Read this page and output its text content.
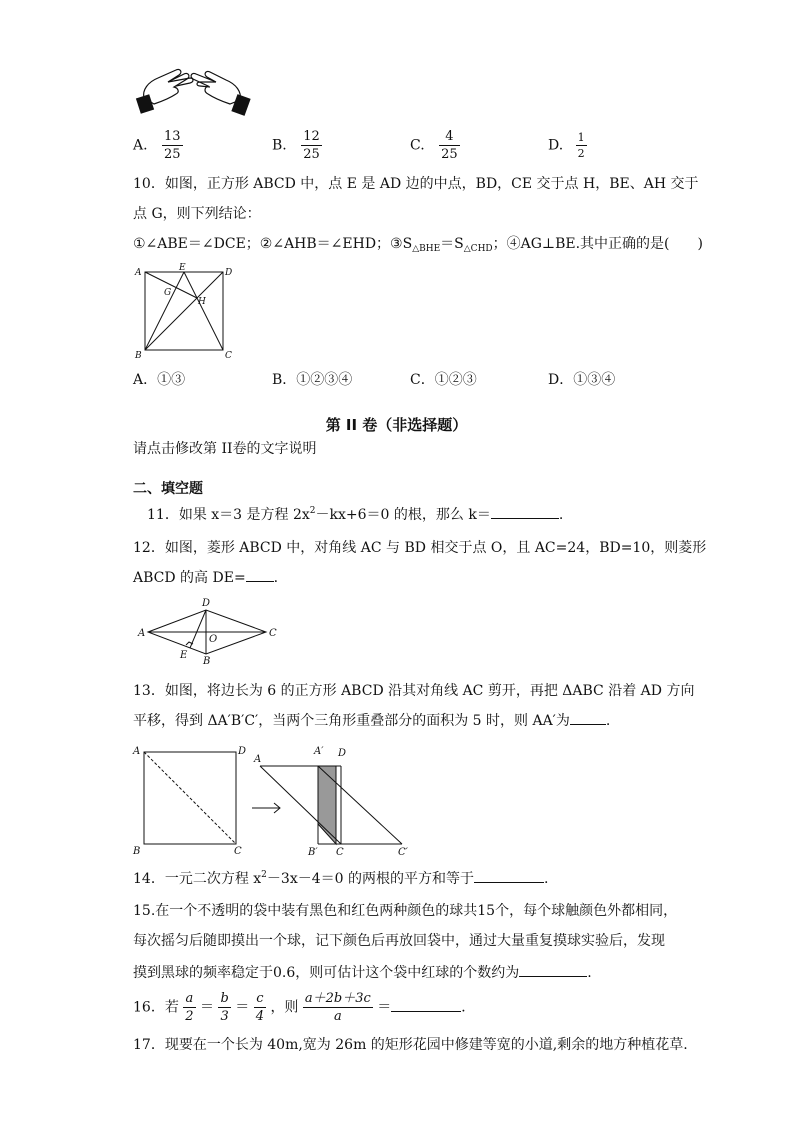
A. $\frac{13}{25}$	B. $\frac{12}{25}$	C. $\frac{4}{25}$	D. $\frac{1}{2}$
10．如图，正方形 ABCD 中，点 E 是 AD 边的中点，BD，CE 交于点 H，BE、AH 交于
点 G，则下列结论：
①∠ABE＝∠DCE；②∠AHB＝∠EHD；$③S_{\triangle BHE}=S_{\triangle CHD}$；④AG⊥BE.其中正确的是(　　)
A	E	D
G
H
B	C
A．①③	B．①②③④	C．①②③	D．①③④
第 II 卷（非选择题）
请点击修改第 II卷的文字说明
二、填空题
11．如果 x＝3 是方程 $2x^2-kx+6=0$ 的根，那么 k＝	.
12．如图，菱形 ABCD 中，对角线 AC 与 BD 相交于点 O，且 AC=24，BD=10，则菱形
ABCD 的高 DE= .
A
D
C
O
E
B
13．如图，将边长为 6 的正方形 ABCD 沿其对角线 AC 剪开，再把 ΔABC 沿着 AD 方向
平移，得到 ΔA′B′C′，当两个三角形重叠部分的面积为 5 时，则 AA′为	.
A	D
B	C
A
A′ D
B′ C	C′
14．一元二次方程 $x^2-3x-4=0$ 的两根的平方和等于	.
15.在一个不透明的袋中装有黑色和红色两种颜色的球共15个，每个球触颜色外都相同，
每次摇匀后随即摸出一个球，记下颜色后再放回袋中，通过大量重复摸球实验后，发现
摸到黑球的频率稳定于0.6，则可估计这个袋中红球的个数约为	.
16．若 $\frac{a}{2} = \frac{b}{3} = \frac{c}{4}$ ，则 $\frac{a+2b+3c}{a}$ ＝	．
17．现要在一个长为 40m,宽为 26m 的矩形花园中修建等宽的小道,剩余的地方种植花草.
